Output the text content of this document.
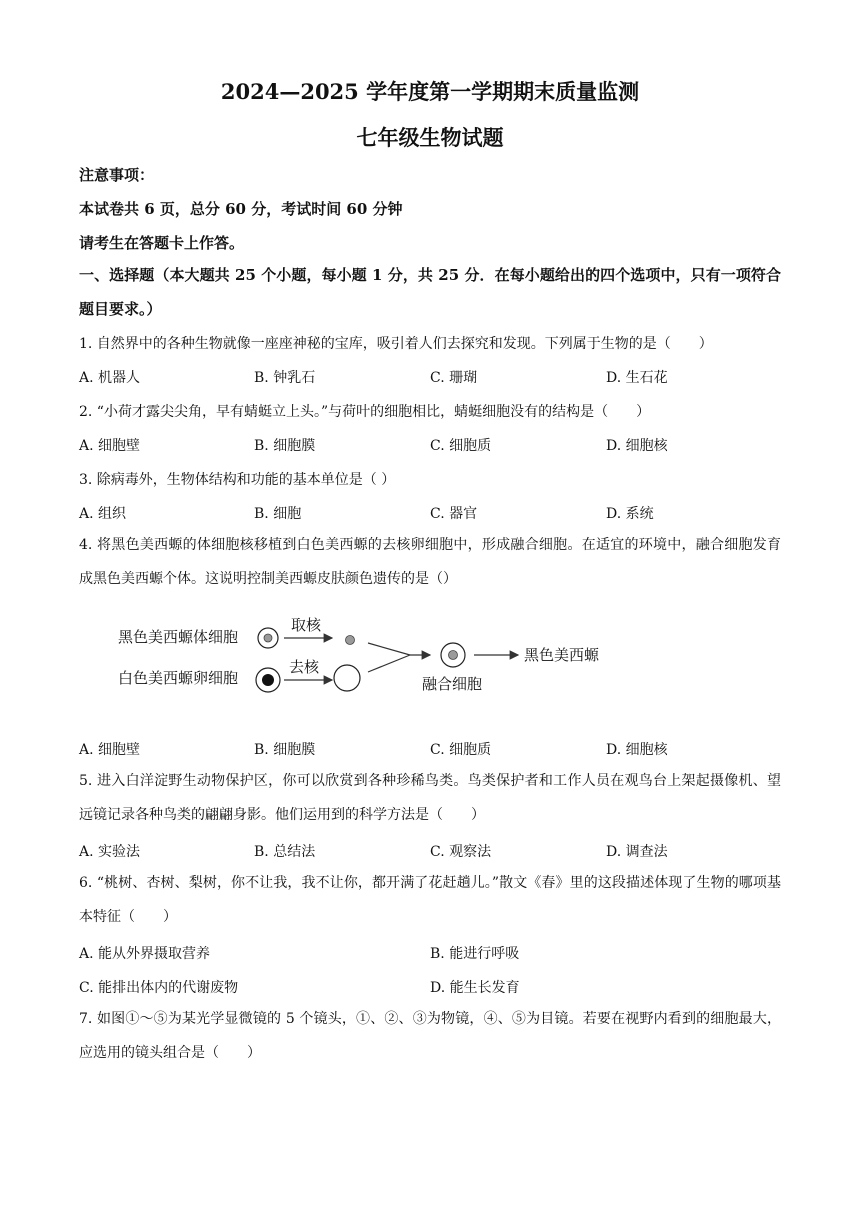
2024—2025 学年度第一学期期末质量监测
七年级生物试题
注意事项：
本试卷共 6 页，总分 60 分，考试时间 60 分钟
请考生在答题卡上作答。
一、选择题（本大题共 25 个小题，每小题 1 分，共 25 分．在每小题给出的四个选项中，只有一项符合题目要求。）
1. 自然界中的各种生物就像一座座神秘的宝库，吸引着人们去探究和发现。下列属于生物的是（　　）
A. 机器人	B. 钟乳石	C. 珊瑚	D. 生石花
2. “小荷才露尖尖角，早有蜻蜓立上头。”与荷叶的细胞相比，蜻蜓细胞没有的结构是（　　）
A. 细胞壁	B. 细胞膜	C. 细胞质	D. 细胞核
3. 除病毒外，生物体结构和功能的基本单位是（ ）
A. 组织	B. 细胞	C. 器官	D. 系统
4. 将黑色美西螈的体细胞核移植到白色美西螈的去核卵细胞中，形成融合细胞。在适宜的环境中，融合细胞发育成黑色美西螈个体。这说明控制美西螈皮肤颜色遗传的是（）
黑色美西螈体细胞
白色美西螈卵细胞
取核
去核
融合细胞
黑色美西螈
A. 细胞壁	B. 细胞膜	C. 细胞质	D. 细胞核
5. 进入白洋淀野生动物保护区，你可以欣赏到各种珍稀鸟类。鸟类保护者和工作人员在观鸟台上架起摄像机、望远镜记录各种鸟类的翩翩身影。他们运用到的科学方法是（　　）
A. 实验法	B. 总结法	C. 观察法	D. 调查法
6. “桃树、杏树、梨树，你不让我，我不让你，都开满了花赶趟儿。”散文《春》里的这段描述体现了生物的哪项基本特征（　　）
A. 能从外界摄取营养	B. 能进行呼吸
C. 能排出体内的代谢废物	D. 能生长发育
7. 如图①～⑤为某光学显微镜的 5 个镜头，①、②、③为物镜，④、⑤为目镜。若要在视野内看到的细胞最大，应选用的镜头组合是（　　）
